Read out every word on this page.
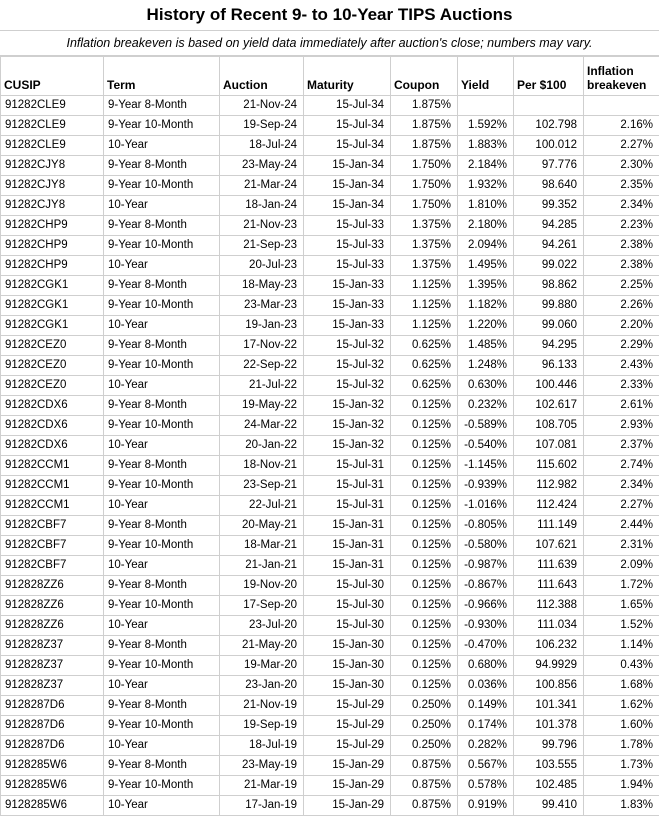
History of Recent 9- to 10-Year TIPS Auctions
Inflation breakeven is based on yield data immediately after auction's close; numbers may vary.
CUSIP	Term	Auction	Maturity	Coupon	Yield	Per $100	Inflation breakeven
91282CLE9	9-Year 8-Month	21-Nov-24	15-Jul-34	1.875%			
91282CLE9	9-Year 10-Month	19-Sep-24	15-Jul-34	1.875%	1.592%	102.798	2.16%
91282CLE9	10-Year	18-Jul-24	15-Jul-34	1.875%	1.883%	100.012	2.27%
91282CJY8	9-Year 8-Month	23-May-24	15-Jan-34	1.750%	2.184%	97.776	2.30%
91282CJY8	9-Year 10-Month	21-Mar-24	15-Jan-34	1.750%	1.932%	98.640	2.35%
91282CJY8	10-Year	18-Jan-24	15-Jan-34	1.750%	1.810%	99.352	2.34%
91282CHP9	9-Year 8-Month	21-Nov-23	15-Jul-33	1.375%	2.180%	94.285	2.23%
91282CHP9	9-Year 10-Month	21-Sep-23	15-Jul-33	1.375%	2.094%	94.261	2.38%
91282CHP9	10-Year	20-Jul-23	15-Jul-33	1.375%	1.495%	99.022	2.38%
91282CGK1	9-Year 8-Month	18-May-23	15-Jan-33	1.125%	1.395%	98.862	2.25%
91282CGK1	9-Year 10-Month	23-Mar-23	15-Jan-33	1.125%	1.182%	99.880	2.26%
91282CGK1	10-Year	19-Jan-23	15-Jan-33	1.125%	1.220%	99.060	2.20%
91282CEZ0	9-Year 8-Month	17-Nov-22	15-Jul-32	0.625%	1.485%	94.295	2.29%
91282CEZ0	9-Year 10-Month	22-Sep-22	15-Jul-32	0.625%	1.248%	96.133	2.43%
91282CEZ0	10-Year	21-Jul-22	15-Jul-32	0.625%	0.630%	100.446	2.33%
91282CDX6	9-Year 8-Month	19-May-22	15-Jan-32	0.125%	0.232%	102.617	2.61%
91282CDX6	9-Year 10-Month	24-Mar-22	15-Jan-32	0.125%	-0.589%	108.705	2.93%
91282CDX6	10-Year	20-Jan-22	15-Jan-32	0.125%	-0.540%	107.081	2.37%
91282CCM1	9-Year 8-Month	18-Nov-21	15-Jul-31	0.125%	-1.145%	115.602	2.74%
91282CCM1	9-Year 10-Month	23-Sep-21	15-Jul-31	0.125%	-0.939%	112.982	2.34%
91282CCM1	10-Year	22-Jul-21	15-Jul-31	0.125%	-1.016%	112.424	2.27%
91282CBF7	9-Year 8-Month	20-May-21	15-Jan-31	0.125%	-0.805%	111.149	2.44%
91282CBF7	9-Year 10-Month	18-Mar-21	15-Jan-31	0.125%	-0.580%	107.621	2.31%
91282CBF7	10-Year	21-Jan-21	15-Jan-31	0.125%	-0.987%	111.639	2.09%
912828ZZ6	9-Year 8-Month	19-Nov-20	15-Jul-30	0.125%	-0.867%	111.643	1.72%
912828ZZ6	9-Year 10-Month	17-Sep-20	15-Jul-30	0.125%	-0.966%	112.388	1.65%
912828ZZ6	10-Year	23-Jul-20	15-Jul-30	0.125%	-0.930%	111.034	1.52%
912828Z37	9-Year 8-Month	21-May-20	15-Jan-30	0.125%	-0.470%	106.232	1.14%
912828Z37	9-Year 10-Month	19-Mar-20	15-Jan-30	0.125%	0.680%	94.9929	0.43%
912828Z37	10-Year	23-Jan-20	15-Jan-30	0.125%	0.036%	100.856	1.68%
9128287D6	9-Year 8-Month	21-Nov-19	15-Jul-29	0.250%	0.149%	101.341	1.62%
9128287D6	9-Year 10-Month	19-Sep-19	15-Jul-29	0.250%	0.174%	101.378	1.60%
9128287D6	10-Year	18-Jul-19	15-Jul-29	0.250%	0.282%	99.796	1.78%
9128285W6	9-Year 8-Month	23-May-19	15-Jan-29	0.875%	0.567%	103.555	1.73%
9128285W6	9-Year 10-Month	21-Mar-19	15-Jan-29	0.875%	0.578%	102.485	1.94%
9128285W6	10-Year	17-Jan-19	15-Jan-29	0.875%	0.919%	99.410	1.83%
